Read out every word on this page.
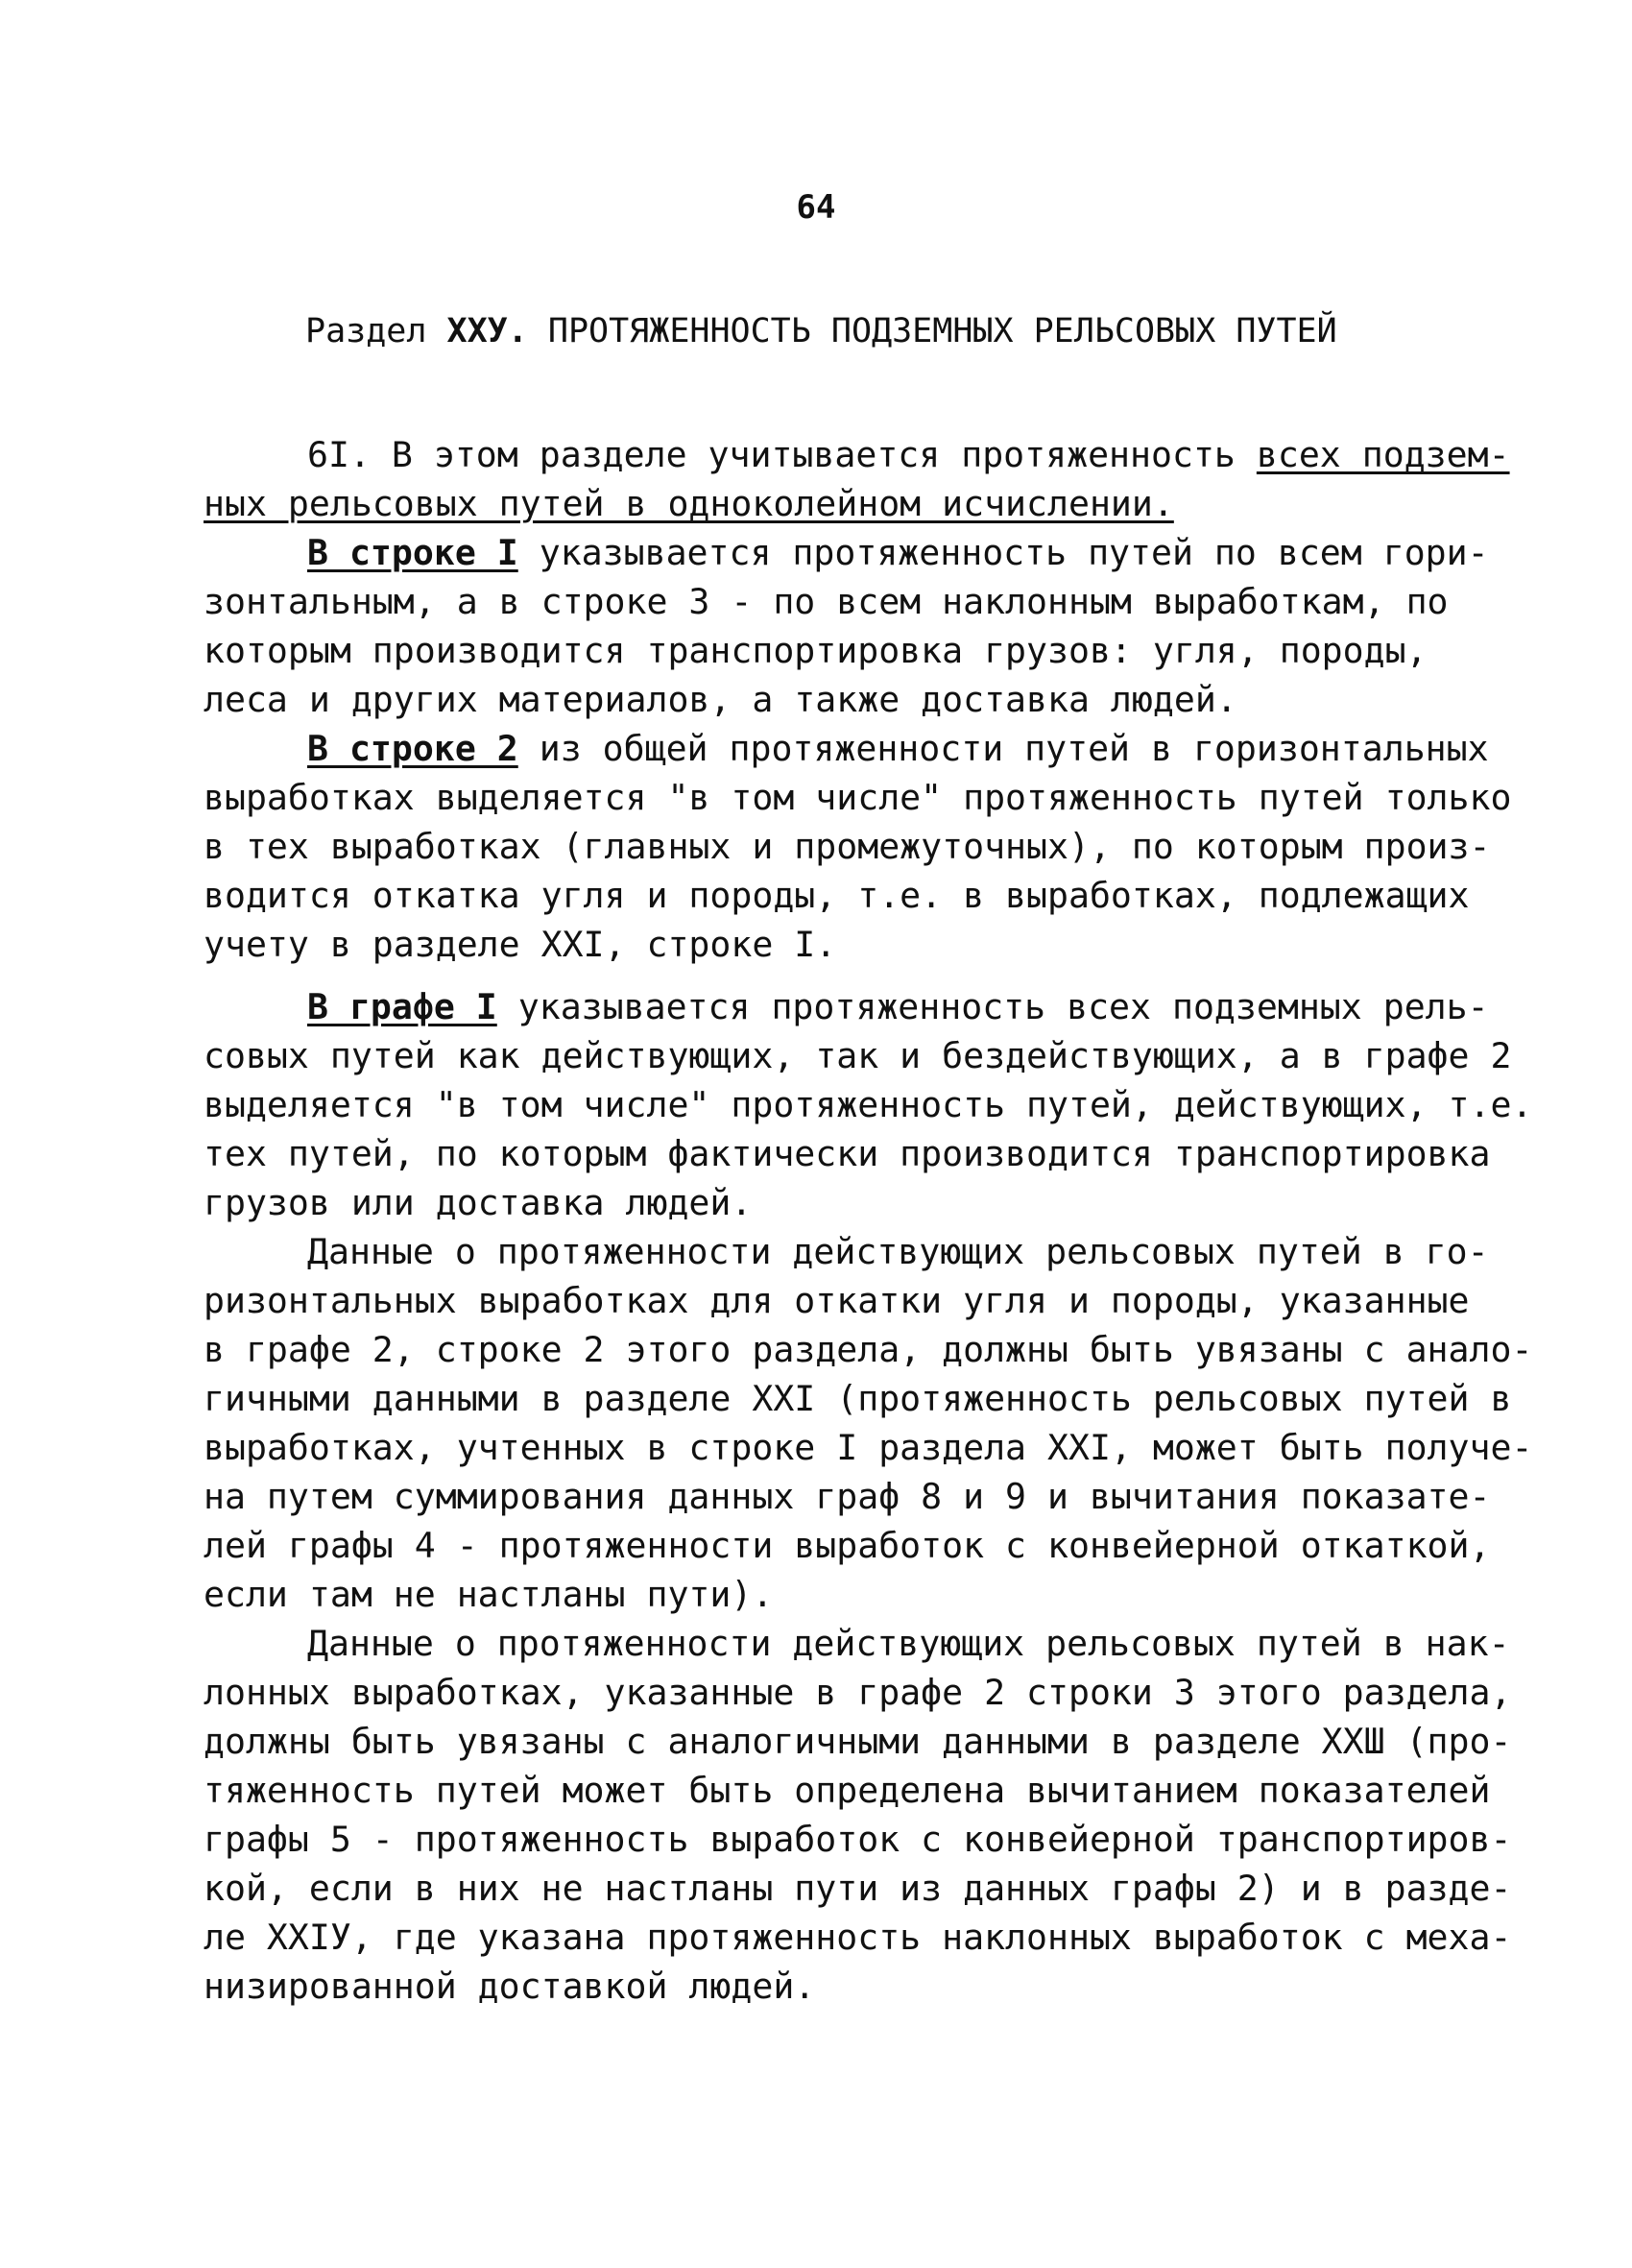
64
Раздел ХХУ. ПРОТЯЖЕННОСТЬ ПОДЗЕМНЫХ РЕЛЬСОВЫХ ПУТЕЙ
6I. В этом разделе учитывается протяженность всех подзем-
ных рельсовых путей в одноколейном исчислении.
В строке I указывается протяженность путей по всем гори-
зонтальным, а в строке 3 - по всем наклонным выработкам, по
которым производится транспортировка грузов: угля, породы,
леса и других материалов, а также доставка людей.
В строке 2 из общей протяженности путей в горизонтальных
выработках выделяется "в том числе" протяженность путей только
в тех выработках (главных и промежуточных), по которым произ-
водится откатка угля и породы, т.е. в выработках, подлежащих
учету в разделе ХХI, строке I.
В графе I указывается протяженность всех подземных рель-
совых путей как действующих, так и бездействующих, а в графе 2
выделяется "в том числе" протяженность путей, действующих, т.е.
тех путей, по которым фактически производится транспортировка
грузов или доставка людей.
Данные о протяженности действующих рельсовых путей в го-
ризонтальных выработках для откатки угля и породы, указанные
в графе 2, строке 2 этого раздела, должны быть увязаны с анало-
гичными данными в разделе ХХI (протяженность рельсовых путей в
выработках, учтенных в строке I раздела ХХI, может быть получе-
на путем суммирования данных граф 8 и 9 и вычитания показате-
лей графы 4 - протяженности выработок с конвейерной откаткой,
если там не настланы пути).
Данные о протяженности действующих рельсовых путей в нак-
лонных выработках, указанные в графе 2 строки 3 этого раздела,
должны быть увязаны с аналогичными данными в разделе ХХШ (про-
тяженность путей может быть определена вычитанием показателей
графы 5 - протяженность выработок с конвейерной транспортиров-
кой, если в них не настланы пути из данных графы 2) и в разде-
ле ХХIУ, где указана протяженность наклонных выработок с меха-
низированной доставкой людей.
